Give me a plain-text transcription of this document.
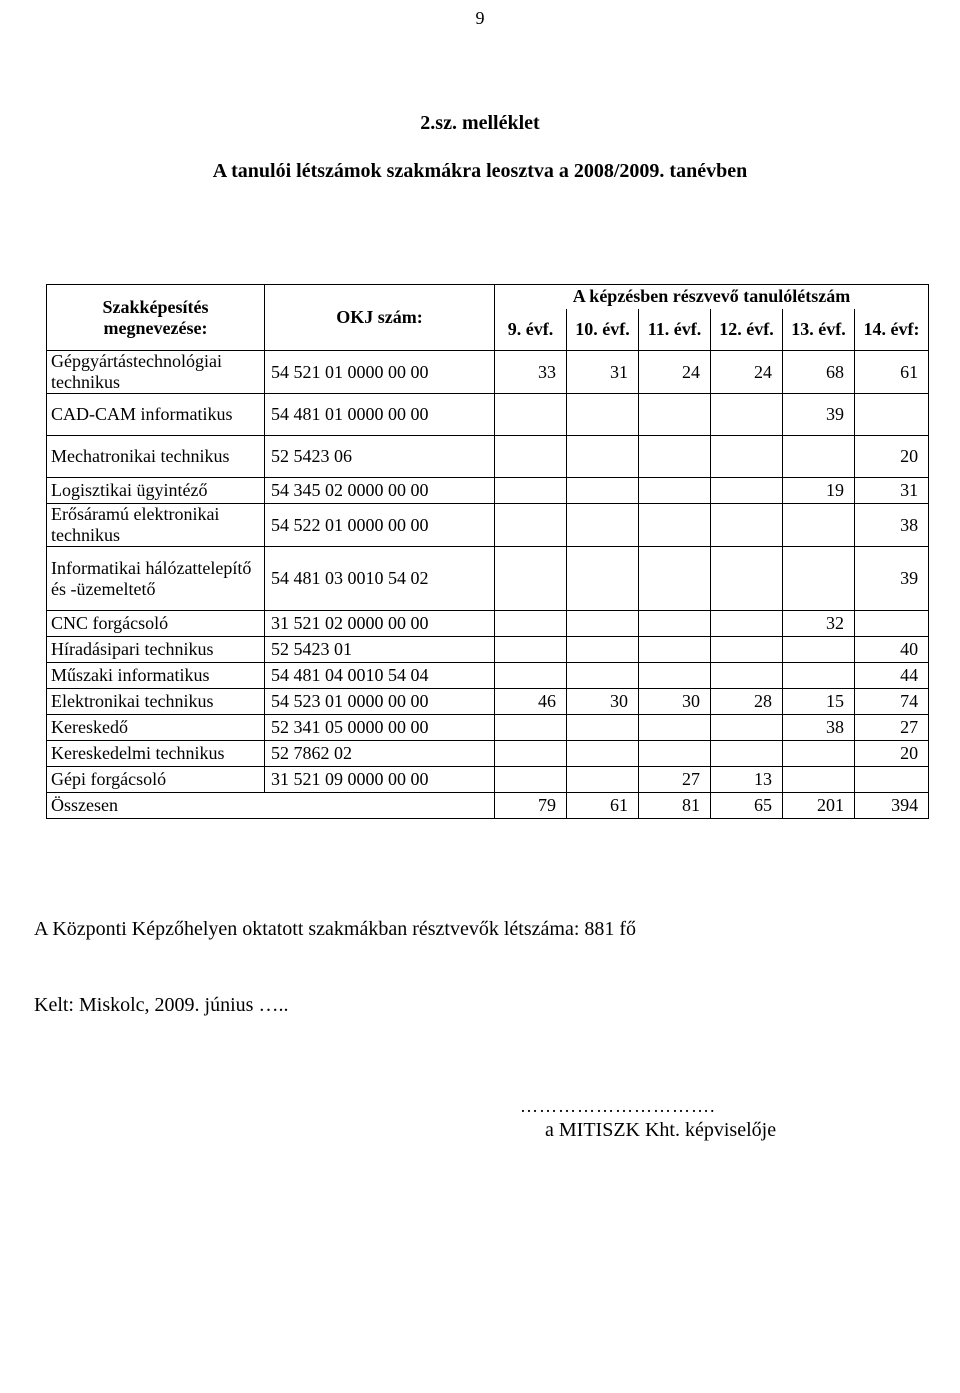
9
2.sz. melléklet
A tanulói létszámok szakmákra leosztva a 2008/2009. tanévben
Szakképesítés megnevezése:	OKJ szám:	A képzésben részvevő tanulólétszám					
		9. évf.	10. évf.	11. évf.	12. évf.	13. évf.	14. évf:
Gépgyártástechnológiai technikus	54 521 01 0000 00 00	33	31	24	24	68	61
CAD-CAM informatikus	54 481 01 0000 00 00					39	
Mechatronikai technikus	52 5423 06						20
Logisztikai ügyintéző	54 345 02 0000 00 00					19	31
Erősáramú elektronikai technikus	54 522 01 0000 00 00						38
Informatikai hálózattelepítő és -üzemeltető	54 481 03 0010 54 02						39
CNC forgácsoló	31 521 02 0000 00 00					32	
Híradásipari technikus	52 5423 01						40
Műszaki informatikus	54 481 04 0010 54 04						44
Elektronikai technikus	54 523 01 0000 00 00	46	30	30	28	15	74
Kereskedő	52 341 05 0000 00 00					38	27
Kereskedelmi technikus	52 7862 02						20
Gépi forgácsoló	31 521 09 0000 00 00			27	13		
Összesen		79	61	81	65	201	394
A Központi Képzőhelyen oktatott szakmákban résztvevők létszáma: 881 fő
Kelt: Miskolc, 2009. június …..
………………………….
a MITISZK Kht. képviselője
